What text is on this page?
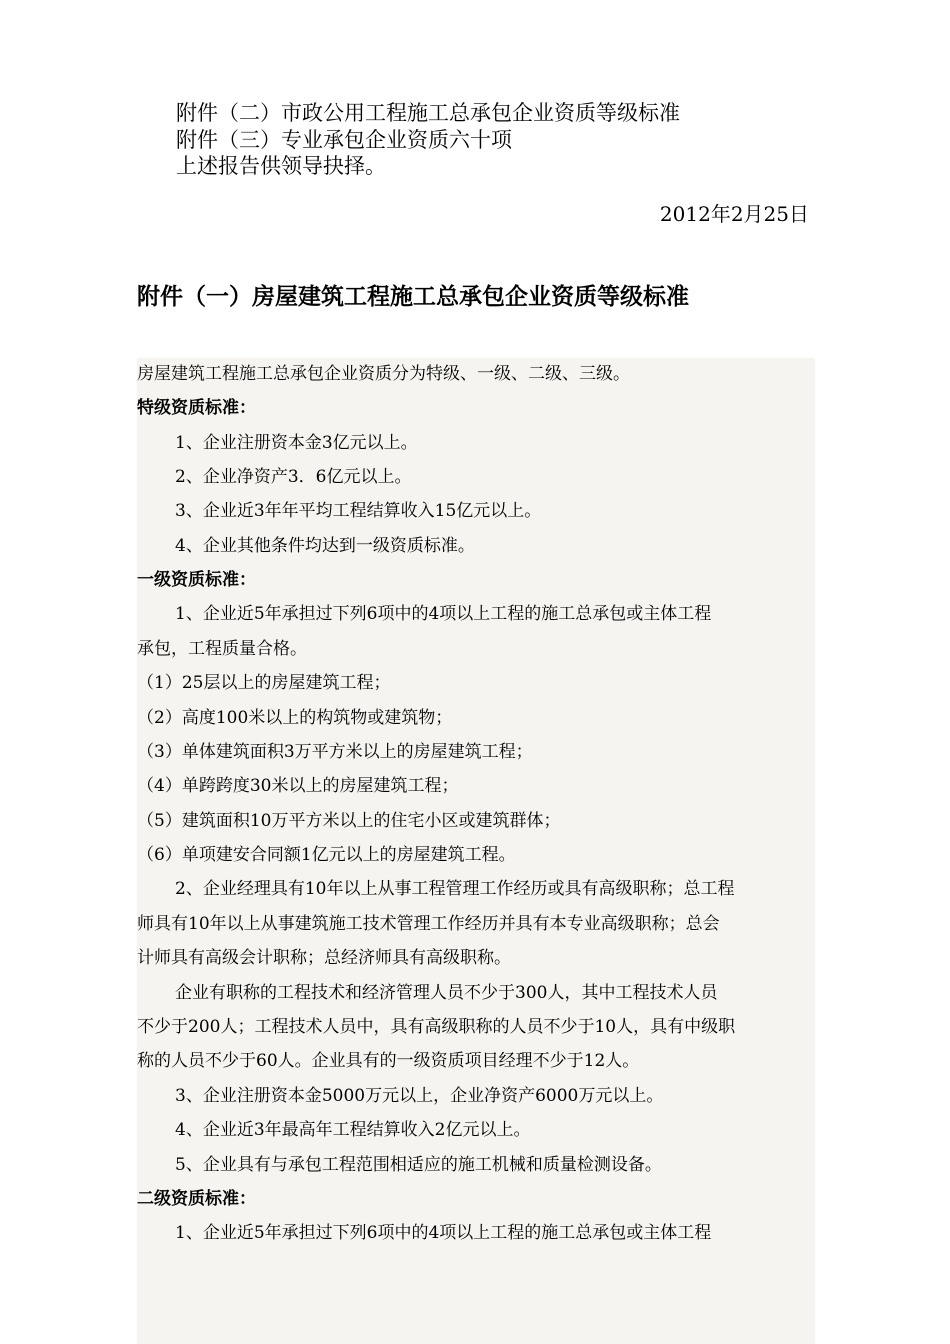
附件（二）市政公用工程施工总承包企业资质等级标准
附件（三）专业承包企业资质六十项
上述报告供领导抉择。
2012年2月25日
附件（一）房屋建筑工程施工总承包企业资质等级标准
房屋建筑工程施工总承包企业资质分为特级、一级、二级、三级。
特级资质标准：
1、企业注册资本金3亿元以上。
2、企业净资产3．6亿元以上。
3、企业近3年年平均工程结算收入15亿元以上。
4、企业其他条件均达到一级资质标准。
一级资质标准：
1、企业近5年承担过下列6项中的4项以上工程的施工总承包或主体工程
承包，工程质量合格。
（1）25层以上的房屋建筑工程；
（2）高度100米以上的构筑物或建筑物；
（3）单体建筑面积3万平方米以上的房屋建筑工程；
（4）单跨跨度30米以上的房屋建筑工程；
（5）建筑面积10万平方米以上的住宅小区或建筑群体；
（6）单项建安合同额1亿元以上的房屋建筑工程。
2、企业经理具有10年以上从事工程管理工作经历或具有高级职称；总工程
师具有10年以上从事建筑施工技术管理工作经历并具有本专业高级职称；总会
计师具有高级会计职称；总经济师具有高级职称。
企业有职称的工程技术和经济管理人员不少于300人，其中工程技术人员
不少于200人；工程技术人员中，具有高级职称的人员不少于10人，具有中级职
称的人员不少于60人。企业具有的一级资质项目经理不少于12人。
3、企业注册资本金5000万元以上，企业净资产6000万元以上。
4、企业近3年最高年工程结算收入2亿元以上。
5、企业具有与承包工程范围相适应的施工机械和质量检测设备。
二级资质标准：
1、企业近5年承担过下列6项中的4项以上工程的施工总承包或主体工程
